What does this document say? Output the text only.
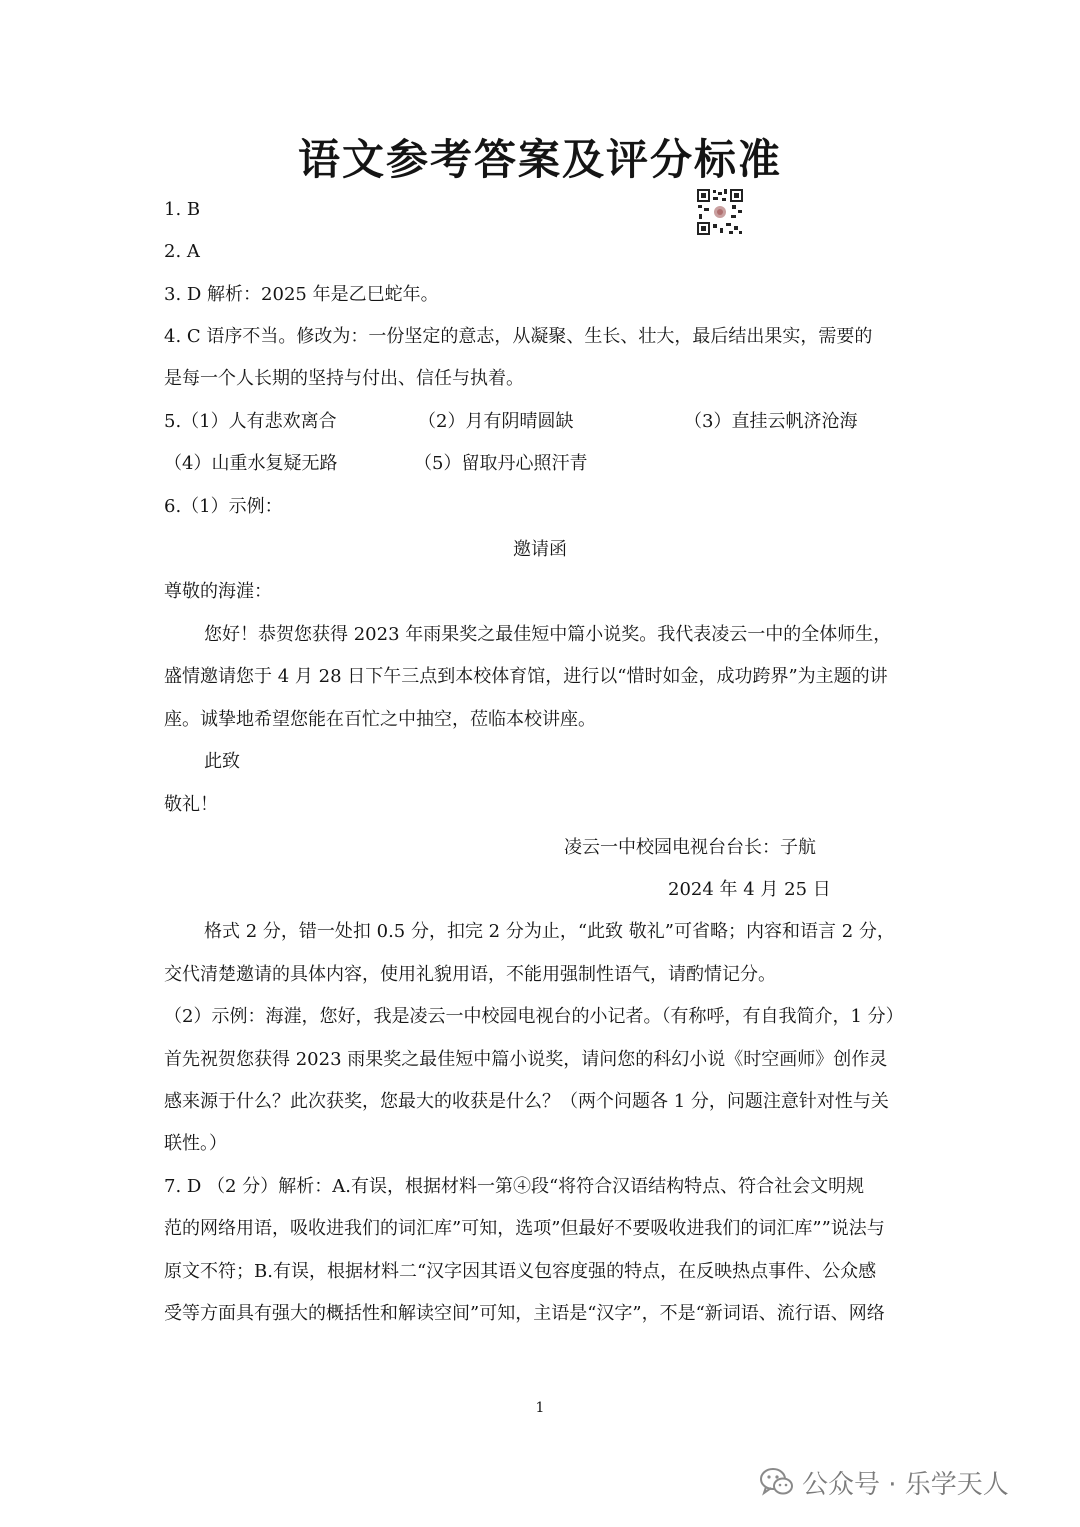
语文参考答案及评分标准
1. B
2. A
3. D 解析：2025 年是乙巳蛇年。
4. C 语序不当。修改为：一份坚定的意志，从凝聚、生长、壮大，最后结出果实，需要的
是每一个人长期的坚持与付出、信任与执着。
5.（1）人有悲欢离合	（2）月有阴晴圆缺	（3）直挂云帆济沧海
（4）山重水复疑无路	（5）留取丹心照汗青
6.（1）示例：
邀请函
尊敬的海漄：
您好！恭贺您获得 2023 年雨果奖之最佳短中篇小说奖。我代表凌云一中的全体师生，
盛情邀请您于 4 月 28 日下午三点到本校体育馆，进行以“惜时如金，成功跨界”为主题的讲
座。诚挚地希望您能在百忙之中抽空，莅临本校讲座。
此致
敬礼！
凌云一中校园电视台台长：子航
2024 年 4 月 25 日
格式 2 分，错一处扣 0.5 分，扣完 2 分为止，“此致 敬礼”可省略；内容和语言 2 分，
交代清楚邀请的具体内容，使用礼貌用语，不能用强制性语气，请酌情记分。
（2）示例：海漄，您好，我是凌云一中校园电视台的小记者。（有称呼，有自我简介，1 分）
首先祝贺您获得 2023 雨果奖之最佳短中篇小说奖，请问您的科幻小说《时空画师》创作灵
感来源于什么？此次获奖，您最大的收获是什么？（两个问题各 1 分，问题注意针对性与关
联性。）
7. D （2 分）解析：A.有误，根据材料一第④段“将符合汉语结构特点、符合社会文明规
范的网络用语，吸收进我们的词汇库”可知，选项”但最好不要吸收进我们的词汇库””说法与
原文不符；B.有误，根据材料二“汉字因其语义包容度强的特点，在反映热点事件、公众感
受等方面具有强大的概括性和解读空间”可知，主语是“汉字”，不是“新词语、流行语、网络
1
公众号 · 乐学天人
